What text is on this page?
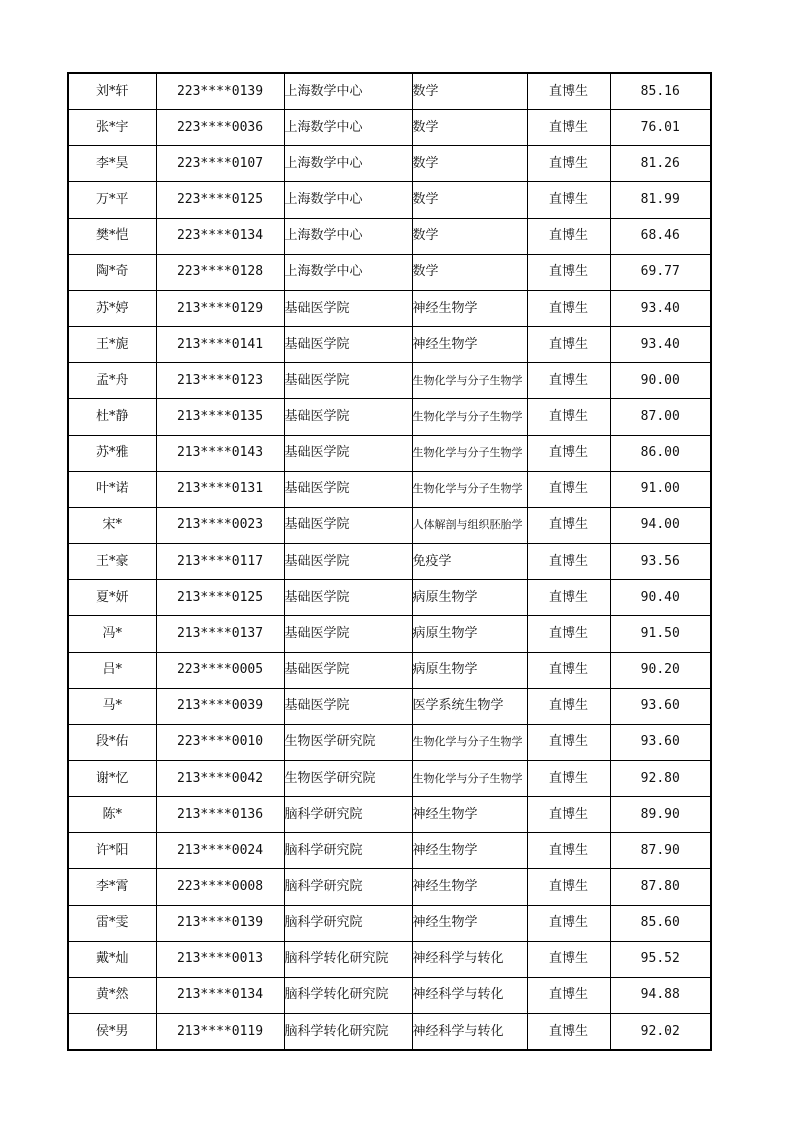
刘*轩	223****0139	上海数学中心	数学	直博生	85.16
张*宇	223****0036	上海数学中心	数学	直博生	76.01
李*昊	223****0107	上海数学中心	数学	直博生	81.26
万*平	223****0125	上海数学中心	数学	直博生	81.99
樊*恺	223****0134	上海数学中心	数学	直博生	68.46
陶*奇	223****0128	上海数学中心	数学	直博生	69.77
苏*婷	213****0129	基础医学院	神经生物学	直博生	93.40
王*旎	213****0141	基础医学院	神经生物学	直博生	93.40
孟*舟	213****0123	基础医学院	生物化学与分子生物学	直博生	90.00
杜*静	213****0135	基础医学院	生物化学与分子生物学	直博生	87.00
苏*雅	213****0143	基础医学院	生物化学与分子生物学	直博生	86.00
叶*诺	213****0131	基础医学院	生物化学与分子生物学	直博生	91.00
宋*	213****0023	基础医学院	人体解剖与组织胚胎学	直博生	94.00
王*豪	213****0117	基础医学院	免疫学	直博生	93.56
夏*妍	213****0125	基础医学院	病原生物学	直博生	90.40
冯*	213****0137	基础医学院	病原生物学	直博生	91.50
吕*	223****0005	基础医学院	病原生物学	直博生	90.20
马*	213****0039	基础医学院	医学系统生物学	直博生	93.60
段*佑	223****0010	生物医学研究院	生物化学与分子生物学	直博生	93.60
谢*忆	213****0042	生物医学研究院	生物化学与分子生物学	直博生	92.80
陈*	213****0136	脑科学研究院	神经生物学	直博生	89.90
许*阳	213****0024	脑科学研究院	神经生物学	直博生	87.90
李*霄	223****0008	脑科学研究院	神经生物学	直博生	87.80
雷*雯	213****0139	脑科学研究院	神经生物学	直博生	85.60
戴*灿	213****0013	脑科学转化研究院	神经科学与转化	直博生	95.52
黄*然	213****0134	脑科学转化研究院	神经科学与转化	直博生	94.88
侯*男	213****0119	脑科学转化研究院	神经科学与转化	直博生	92.02
